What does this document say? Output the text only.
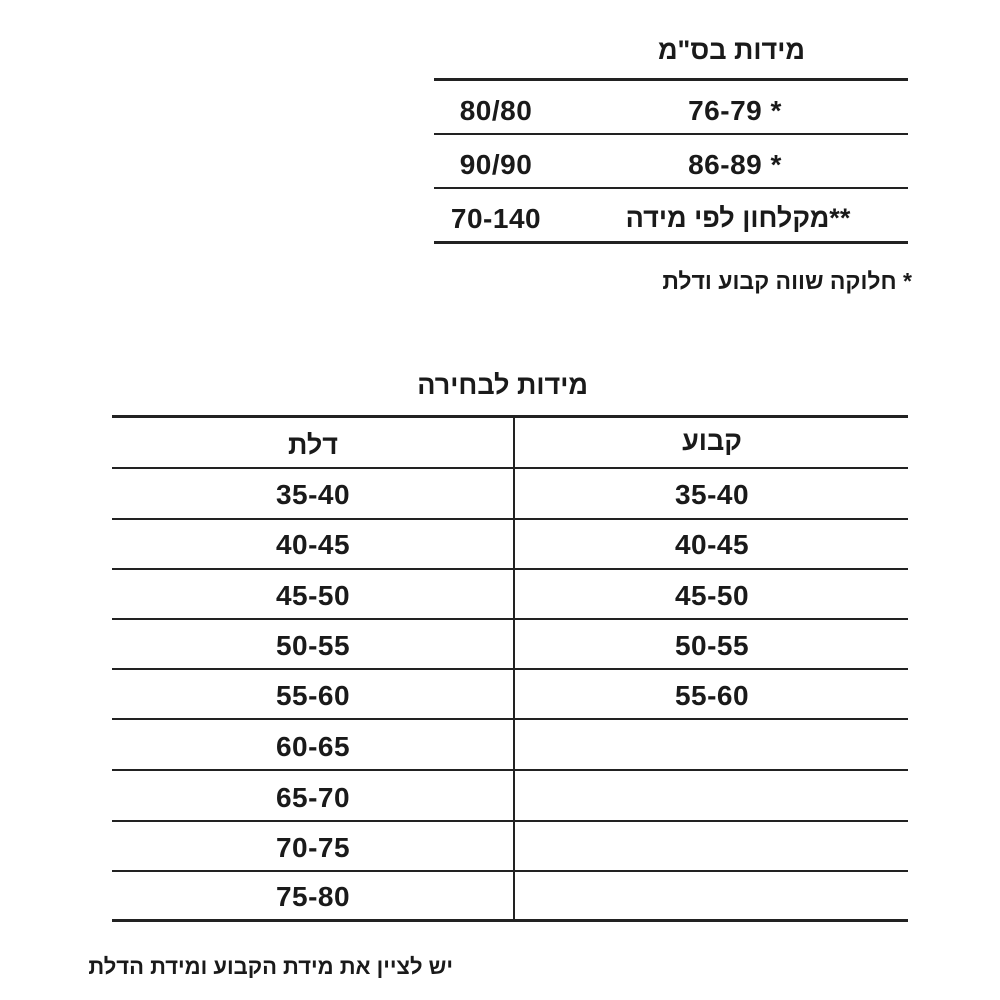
מידות בס"מ
76-79 *
80/80
86-89 *
90/90
**מקלחון לפי מידה
70-140
* חלוקה שווה קבוע ודלת
מידות לבחירה
קבוע
דלת
35-40
35-40
40-45
40-45
45-50
45-50
50-55
50-55
55-60
55-60
60-65
65-70
70-75
75-80
יש לציין את מידת הקבוע ומידת הדלת
